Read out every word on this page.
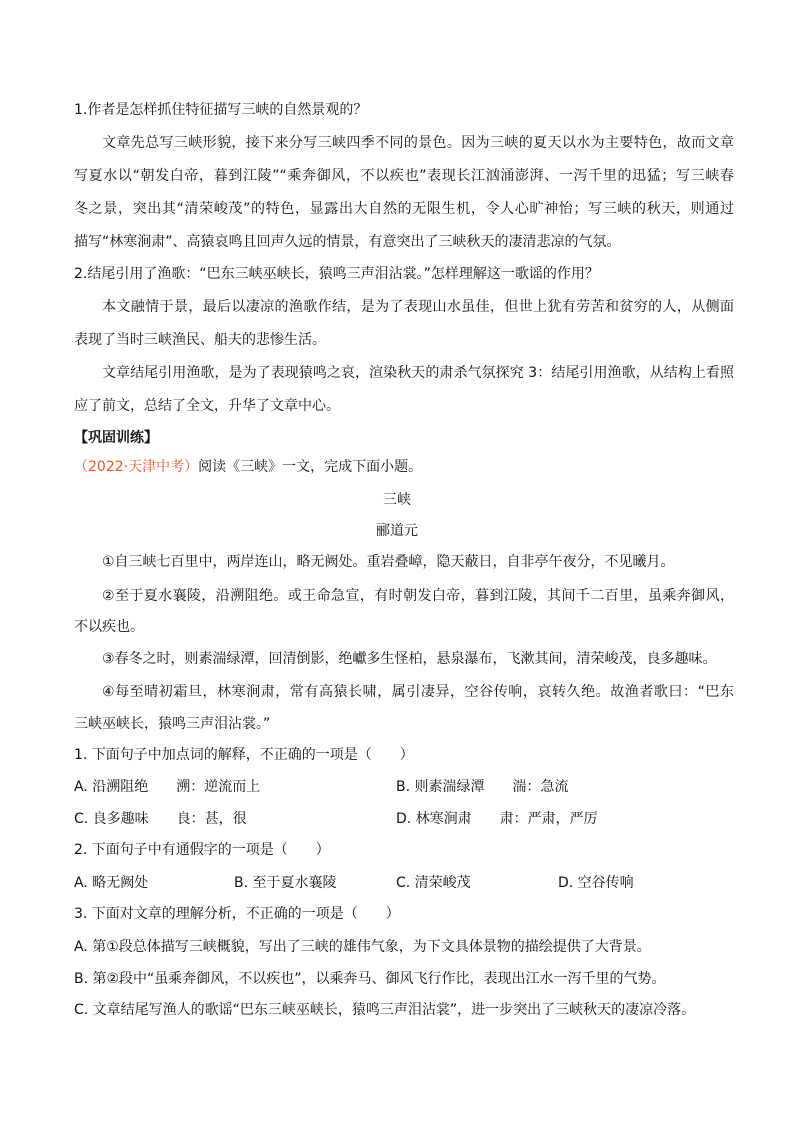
1.作者是怎样抓住特征描写三峡的自然景观的？
文章先总写三峡形貌，接下来分写三峡四季不同的景色。因为三峡的夏天以水为主要特色，故而文章
写夏水以“朝发白帝，暮到江陵”“乘奔御风，不以疾也”表现长江汹涌澎湃、一泻千里的迅猛；写三峡春
冬之景，突出其“清荣峻茂”的特色，显露出大自然的无限生机，令人心旷神怡；写三峡的秋天，则通过
描写“林寒涧肃”、高猿哀鸣且回声久远的情景，有意突出了三峡秋天的凄清悲凉的气氛。
2.结尾引用了渔歌：“巴东三峡巫峡长，猿鸣三声泪沾裳。”怎样理解这一歌谣的作用？
本文融情于景，最后以凄凉的渔歌作结，是为了表现山水虽佳，但世上犹有劳苦和贫穷的人，从侧面
表现了当时三峡渔民、船夫的悲惨生活。
文章结尾引用渔歌，是为了表现猿鸣之哀，渲染秋天的肃杀气氛探究 3：结尾引用渔歌，从结构上看照
应了前文，总结了全文，升华了文章中心。
【巩固训练】
（2022·天津中考）阅读《三峡》一文，完成下面小题。
三峡
郦道元
①自三峡七百里中，两岸连山，略无阙处。重岩叠嶂，隐天蔽日，自非亭午夜分，不见曦月。
②至于夏水襄陵，沿溯阻绝。或王命急宣，有时朝发白帝，暮到江陵，其间千二百里，虽乘奔御风，
不以疾也。
③春冬之时，则素湍绿潭，回清倒影，绝巘多生怪柏，悬泉瀑布，飞漱其间，清荣峻茂，良多趣味。
④每至晴初霜旦，林寒涧肃，常有高猿长啸，属引凄异，空谷传响，哀转久绝。故渔者歌曰：“巴东
三峡巫峡长，猿鸣三声泪沾裳。”
1. 下面句子中加点词的解释，不正确的一项是（　　）
A. 沿溯阻绝　　溯：逆流而上	B. 则素湍绿潭　　湍：急流
C. 良多趣味　　良：甚，很	D. 林寒涧肃　　肃：严肃，严厉
2. 下面句子中有通假字的一项是（　　）
A. 略无阙处	B. 至于夏水襄陵	C. 清荣峻茂	D. 空谷传响
3. 下面对文章的理解分析，不正确的一项是（　　）
A. 第①段总体描写三峡概貌，写出了三峡的雄伟气象，为下文具体景物的描绘提供了大背景。
B. 第②段中“虽乘奔御风，不以疾也”，以乘奔马、御风飞行作比，表现出江水一泻千里的气势。
C. 文章结尾写渔人的歌谣“巴东三峡巫峡长，猿鸣三声泪沾裳”，进一步突出了三峡秋天的凄凉冷落。
